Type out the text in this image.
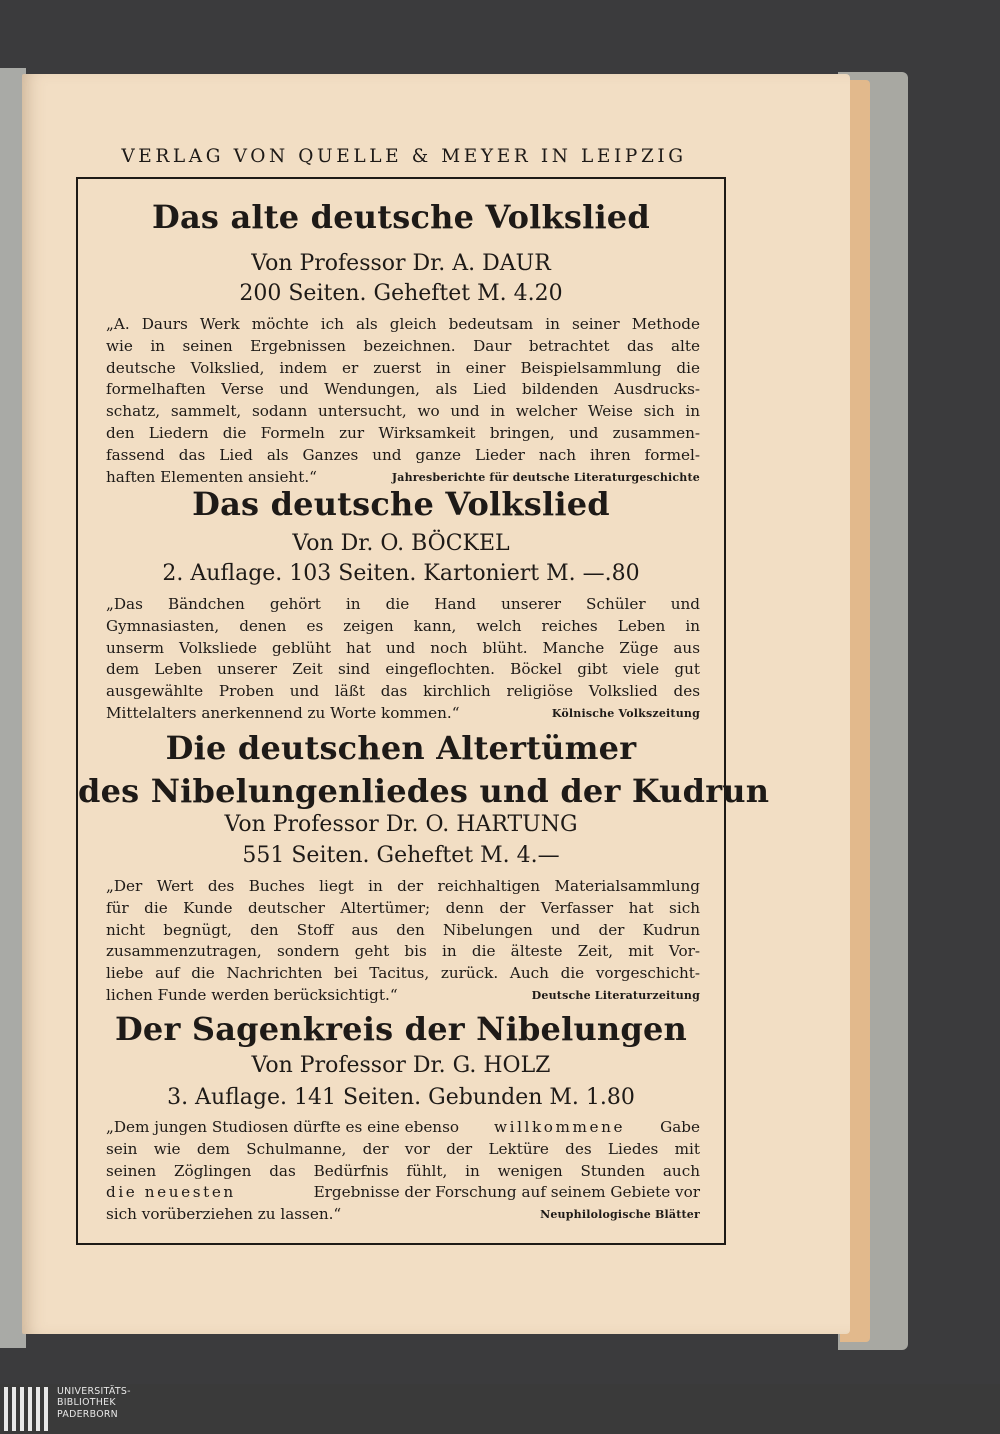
VERLAG VON QUELLE & MEYER IN LEIPZIG
Das alte deutsche Volkslied
Von Professor Dr. A. DAUR
200 Seiten. Geheftet M. 4.20
„A. Daurs Werk möchte ich als gleich bedeutsam in seiner Methode
wie in seinen Ergebnissen bezeichnen. Daur betrachtet das alte
deutsche Volkslied, indem er zuerst in einer Beispielsammlung die
formelhaften Verse und Wendungen, als Lied bildenden Ausdrucks-
schatz, sammelt, sodann untersucht, wo und in welcher Weise sich in
den Liedern die Formeln zur Wirksamkeit bringen, und zusammen-
fassend das Lied als Ganzes und ganze Lieder nach ihren formel-
haften Elementen ansieht.“	Jahresberichte für deutsche Literaturgeschichte
Das deutsche Volkslied
Von Dr. O. BÖCKEL
2. Auflage. 103 Seiten. Kartoniert M. —.80
„Das Bändchen gehört in die Hand unserer Schüler und
Gymnasiasten, denen es zeigen kann, welch reiches Leben in
unserm Volksliede geblüht hat und noch blüht. Manche Züge aus
dem Leben unserer Zeit sind eingeflochten. Böckel gibt viele gut
ausgewählte Proben und läßt das kirchlich religiöse Volkslied des
Mittelalters anerkennend zu Worte kommen.“	Kölnische Volkszeitung
Die deutschen Altertümer
des Nibelungenliedes und der Kudrun
Von Professor Dr. O. HARTUNG
551 Seiten. Geheftet M. 4.—
„Der Wert des Buches liegt in der reichhaltigen Materialsammlung
für die Kunde deutscher Altertümer; denn der Verfasser hat sich
nicht begnügt, den Stoff aus den Nibelungen und der Kudrun
zusammenzutragen, sondern geht bis in die älteste Zeit, mit Vor-
liebe auf die Nachrichten bei Tacitus, zurück. Auch die vorgeschicht-
lichen Funde werden berücksichtigt.“	Deutsche Literaturzeitung
Der Sagenkreis der Nibelungen
Von Professor Dr. G. HOLZ
3. Auflage. 141 Seiten. Gebunden M. 1.80
„Dem jungen Studiosen dürfte es eine ebenso willkommene Gabe
sein wie dem Schulmanne, der vor der Lektüre des Liedes mit
seinen Zöglingen das Bedürfnis fühlt, in wenigen Stunden auch
die neuesten	Ergebnisse der Forschung auf seinem Gebiete vor
sich vorüberziehen zu lassen.“	Neuphilologische Blätter
UNIVERSITÄTS-
BIBLIOTHEK
PADERBORN
